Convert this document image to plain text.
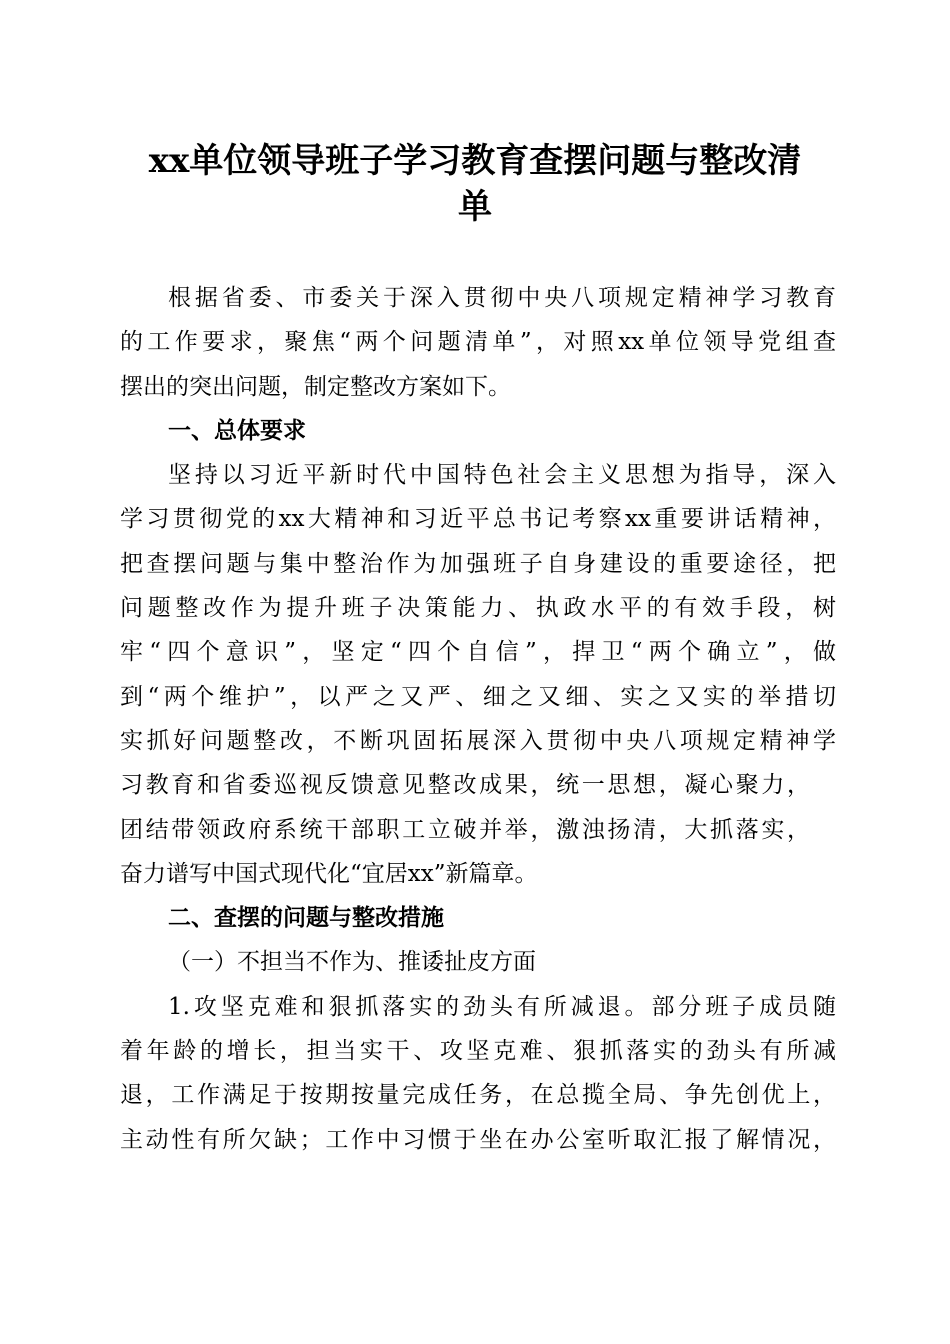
xx单位领导班子学习教育查摆问题与整改清
单
根据省委、市委关于深入贯彻中央八项规定精神学习教育
的工作要求，聚焦“两个问题清单”，对照xx单位领导党组查
摆出的突出问题，制定整改方案如下。
一、总体要求
坚持以习近平新时代中国特色社会主义思想为指导，深入
学习贯彻党的xx大精神和习近平总书记考察xx重要讲话精神，
把查摆问题与集中整治作为加强班子自身建设的重要途径，把
问题整改作为提升班子决策能力、执政水平的有效手段，树
牢“四个意识”，坚定“四个自信”，捍卫“两个确立”，做
到“两个维护”，以严之又严、细之又细、实之又实的举措切
实抓好问题整改，不断巩固拓展深入贯彻中央八项规定精神学
习教育和省委巡视反馈意见整改成果，统一思想，凝心聚力，
团结带领政府系统干部职工立破并举，激浊扬清，大抓落实，
奋力谱写中国式现代化“宜居xx”新篇章。
二、查摆的问题与整改措施
（一）不担当不作为、推诿扯皮方面
1.攻坚克难和狠抓落实的劲头有所减退。部分班子成员随
着年龄的增长，担当实干、攻坚克难、狠抓落实的劲头有所减
退，工作满足于按期按量完成任务，在总揽全局、争先创优上，
主动性有所欠缺；工作中习惯于坐在办公室听取汇报了解情况，
